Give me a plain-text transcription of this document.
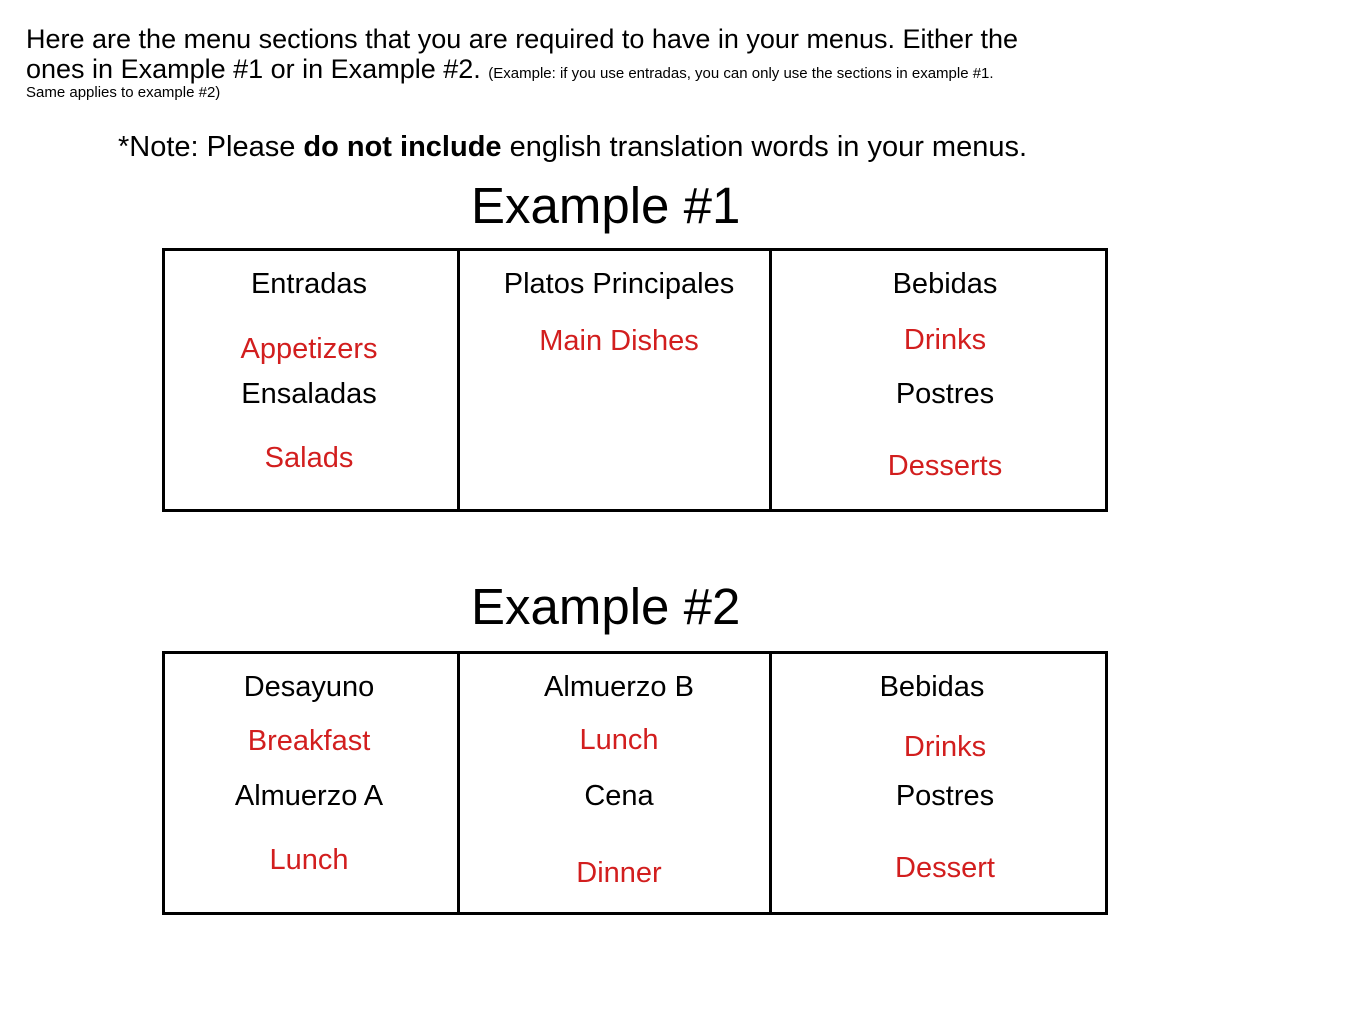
Here are the menu sections that you are required to have in your menus. Either the
ones in Example #1 or in Example #2. (Example: if you use entradas, you can only use the sections in example #1.
Same applies to example #2)
*Note: Please do not include english translation words in your menus.
Example #1
Entradas
Appetizers
Ensaladas
Salads
Platos Principales
Main Dishes
Bebidas
Drinks
Postres
Desserts
Example #2
Desayuno
Breakfast
Almuerzo A
Lunch
Almuerzo B
Lunch
Cena
Dinner
Bebidas
Drinks
Postres
Dessert
